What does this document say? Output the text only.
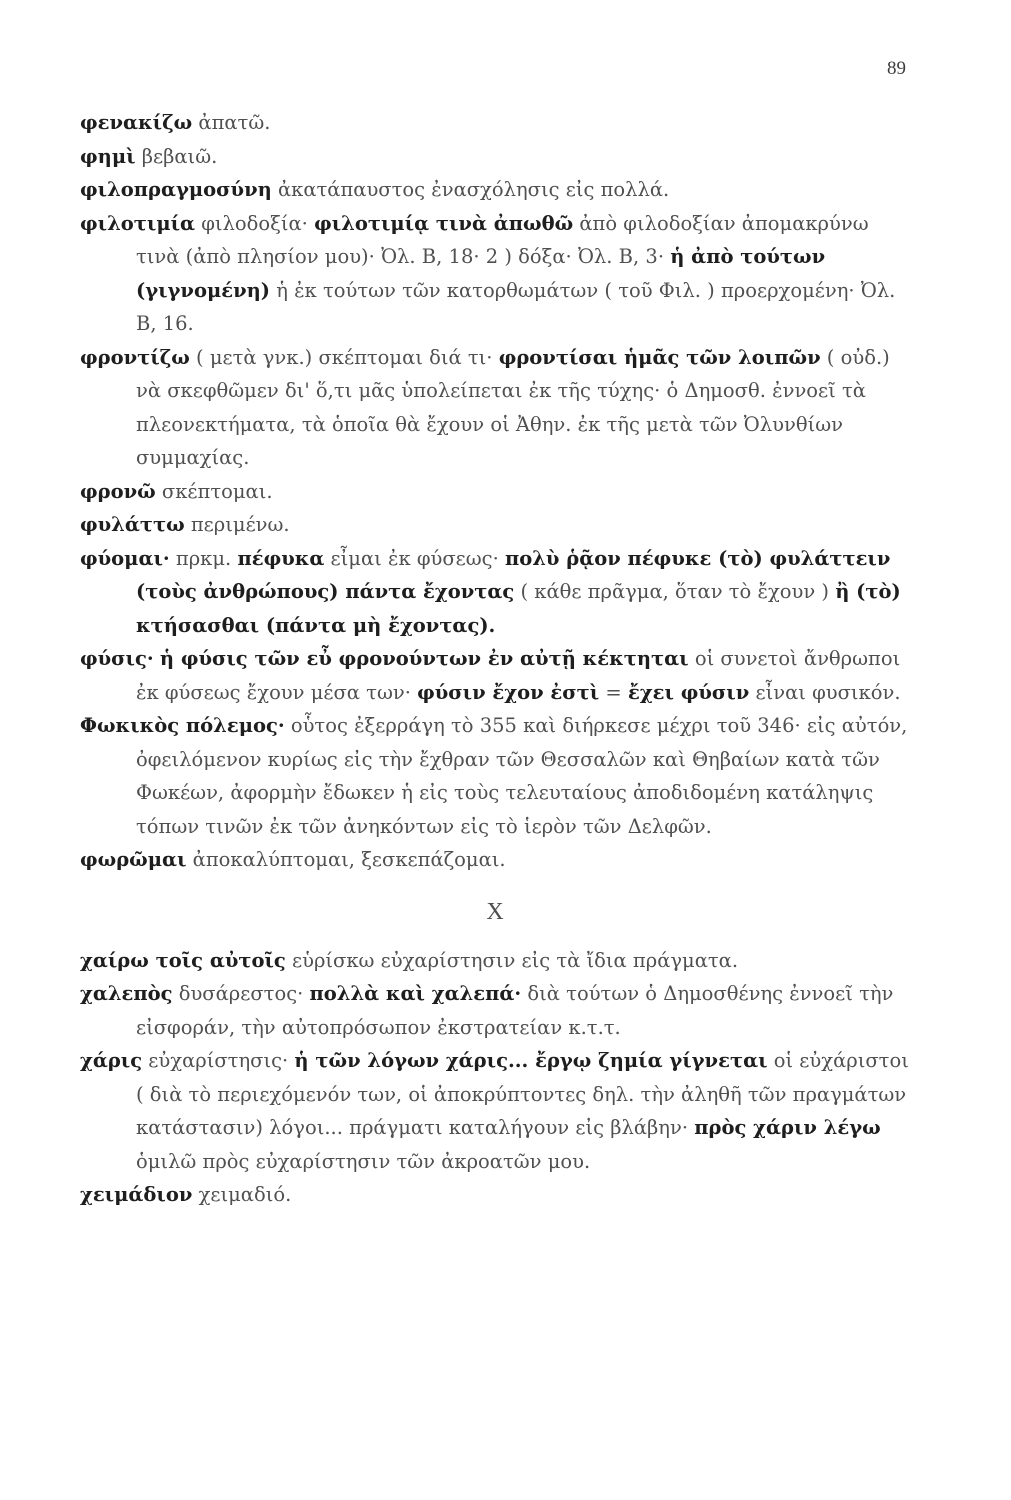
89
φενακίζω ἀπατῶ.
φημὶ βεβαιῶ.
φιλοπραγμοσύνη ἀκατάπαυστος ἐνασχόλησις εἰς πολλά.
φιλοτιμία φιλοδοξία· φιλοτιμίᾳ τινὰ ἀπωθῶ ἀπὸ φιλοδοξίαν ἀπομακρύνω τινὰ (ἀπὸ πλησίον μου)· Ὀλ. Β, 18· 2 ) δόξα· Ὀλ. Β, 3· ἡ ἀπὸ τούτων (γιγνομένη) ἡ ἐκ τούτων τῶν κατορθωμάτων ( τοῦ Φιλ. ) προερχομένη· Ὀλ. Β, 16.
φροντίζω ( μετὰ γνκ.) σκέπτομαι διά τι· φροντίσαι ἡμᾶς τῶν λοιπῶν ( οὐδ.) νὰ σκεφθῶμεν δι' ὅ,τι μᾶς ὑπολείπεται ἐκ τῆς τύχης· ὁ Δημοσθ. ἐννοεῖ τὰ πλεονεκτήματα, τὰ ὁποῖα θὰ ἔχουν οἱ Ἀθην. ἐκ τῆς μετὰ τῶν Ὀλυνθίων συμμαχίας.
φρονῶ σκέπτομαι.
φυλάττω περιμένω.
φύομαι· πρκμ. πέφυκα εἶμαι ἐκ φύσεως· πολὺ ῥᾷον πέφυκε (τὸ) φυλάττειν (τοὺς ἀνθρώπους) πάντα ἔχοντας ( κάθε πρᾶγμα, ὅταν τὸ ἔχουν ) ἢ (τὸ) κτήσασθαι (πάντα μὴ ἔχοντας).
φύσις· ἡ φύσις τῶν εὖ φρονούντων ἐν αὐτῇ κέκτηται οἱ συνετοὶ ἄνθρωποι ἐκ φύσεως ἔχουν μέσα των· φύσιν ἔχον ἐστὶ = ἔχει φύσιν εἶναι φυσικόν.
Φωκικὸς πόλεμος· οὗτος ἐξερράγη τὸ 355 καὶ διήρκεσε μέχρι τοῦ 346· εἰς αὐτόν, ὀφειλόμενον κυρίως εἰς τὴν ἔχθραν τῶν Θεσσαλῶν καὶ Θηβαίων κατὰ τῶν Φωκέων, ἀφορμὴν ἔδωκεν ἡ εἰς τοὺς τελευταίους ἀποδιδομένη κατάληψις τόπων τινῶν ἐκ τῶν ἀνηκόντων εἰς τὸ ἱερὸν τῶν Δελφῶν.
φωρῶμαι ἀποκαλύπτομαι, ξεσκεπάζομαι.
X
χαίρω τοῖς αὐτοῖς εὑρίσκω εὐχαρίστησιν εἰς τὰ ἴδια πράγματα.
χαλεπὸς δυσάρεστος· πολλὰ καὶ χαλεπά· διὰ τούτων ὁ Δημοσθένης ἐννοεῖ τὴν εἰσφοράν, τὴν αὐτοπρόσωπον ἐκστρατείαν κ.τ.τ.
χάρις εὐχαρίστησις· ἡ τῶν λόγων χάρις... ἔργῳ ζημία γίγνεται οἱ εὐχάριστοι ( διὰ τὸ περιεχόμενόν των, οἱ ἀποκρύπτοντες δηλ. τὴν ἀληθῆ τῶν πραγμάτων κατάστασιν) λόγοι... πράγματι καταλήγουν εἰς βλάβην· πρὸς χάριν λέγω ὁμιλῶ πρὸς εὐχαρίστησιν τῶν ἀκροατῶν μου.
χειμάδιον χειμαδιό.
